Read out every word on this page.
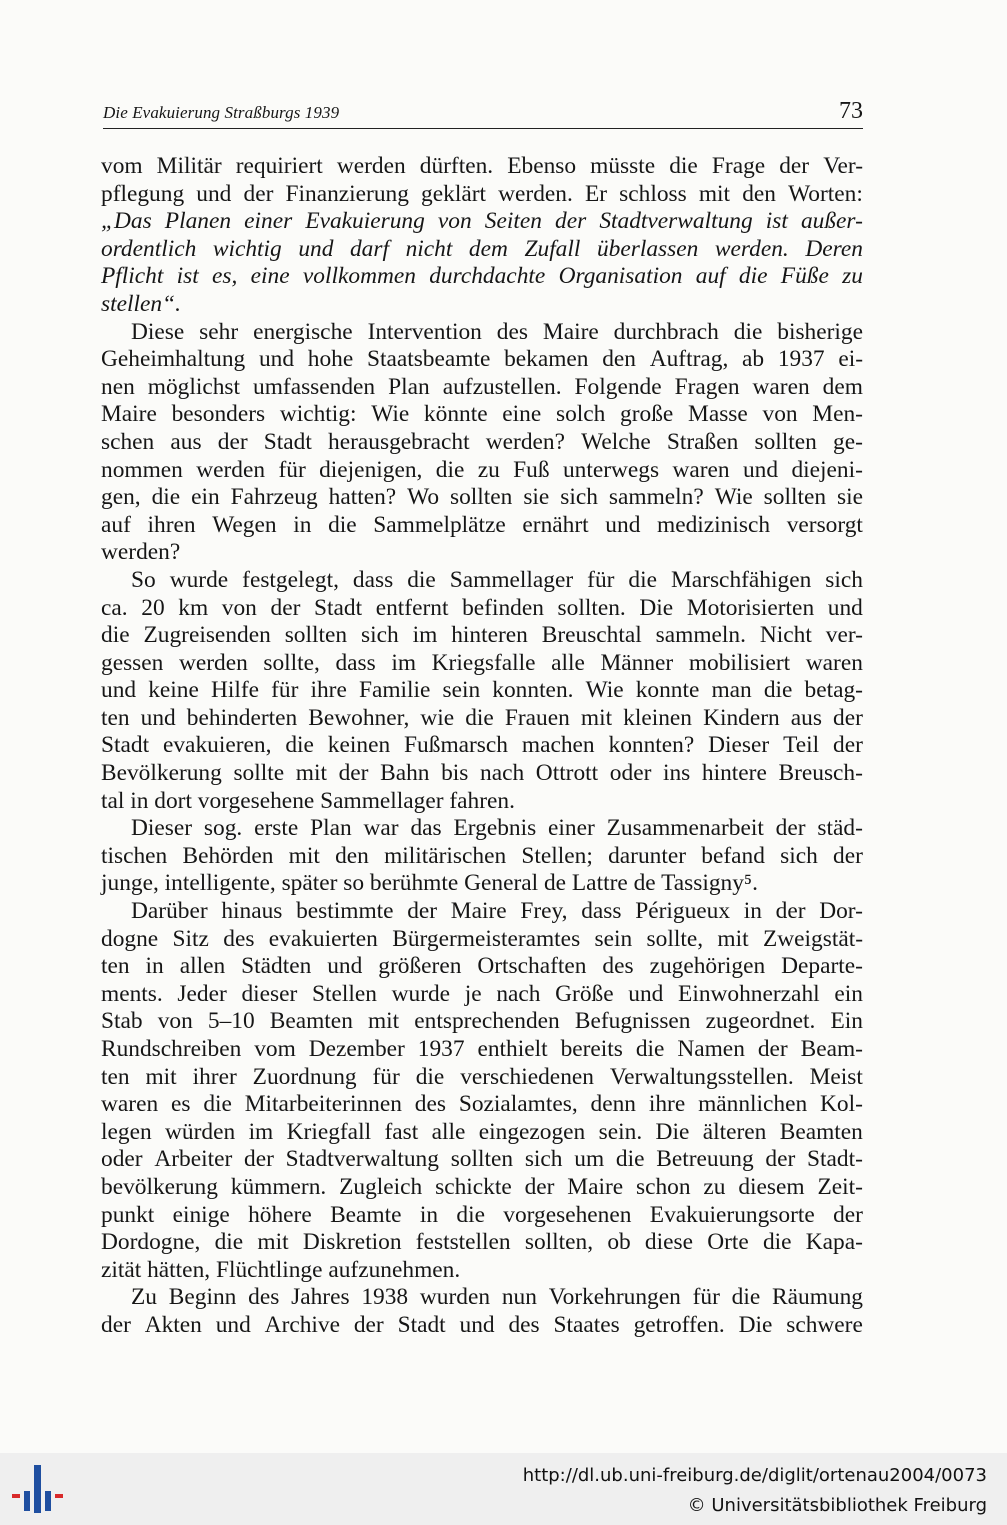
Die Evakuierung Straßburgs 1939	73
vom Militär requiriert werden dürften. Ebenso müsste die Frage der Ver-
pflegung und der Finanzierung geklärt werden. Er schloss mit den Worten:
„Das Planen einer Evakuierung von Seiten der Stadtverwaltung ist außer-
ordentlich wichtig und darf nicht dem Zufall überlassen werden. Deren
Pflicht ist es, eine vollkommen durchdachte Organisation auf die Füße zu
stellen“.
Diese sehr energische Intervention des Maire durchbrach die bisherige
Geheimhaltung und hohe Staatsbeamte bekamen den Auftrag, ab 1937 ei-
nen möglichst umfassenden Plan aufzustellen. Folgende Fragen waren dem
Maire besonders wichtig: Wie könnte eine solch große Masse von Men-
schen aus der Stadt herausgebracht werden? Welche Straßen sollten ge-
nommen werden für diejenigen, die zu Fuß unterwegs waren und diejeni-
gen, die ein Fahrzeug hatten? Wo sollten sie sich sammeln? Wie sollten sie
auf ihren Wegen in die Sammelplätze ernährt und medizinisch versorgt
werden?
So wurde festgelegt, dass die Sammellager für die Marschfähigen sich
ca. 20 km von der Stadt entfernt befinden sollten. Die Motorisierten und
die Zugreisenden sollten sich im hinteren Breuschtal sammeln. Nicht ver-
gessen werden sollte, dass im Kriegsfalle alle Männer mobilisiert waren
und keine Hilfe für ihre Familie sein konnten. Wie konnte man die betag-
ten und behinderten Bewohner, wie die Frauen mit kleinen Kindern aus der
Stadt evakuieren, die keinen Fußmarsch machen konnten? Dieser Teil der
Bevölkerung sollte mit der Bahn bis nach Ottrott oder ins hintere Breusch-
tal in dort vorgesehene Sammellager fahren.
Dieser sog. erste Plan war das Ergebnis einer Zusammenarbeit der städ-
tischen Behörden mit den militärischen Stellen; darunter befand sich der
junge, intelligente, später so berühmte General de Lattre de Tassigny⁵.
Darüber hinaus bestimmte der Maire Frey, dass Périgueux in der Dor-
dogne Sitz des evakuierten Bürgermeisteramtes sein sollte, mit Zweigstät-
ten in allen Städten und größeren Ortschaften des zugehörigen Departe-
ments. Jeder dieser Stellen wurde je nach Größe und Einwohnerzahl ein
Stab von 5–10 Beamten mit entsprechenden Befugnissen zugeordnet. Ein
Rundschreiben vom Dezember 1937 enthielt bereits die Namen der Beam-
ten mit ihrer Zuordnung für die verschiedenen Verwaltungsstellen. Meist
waren es die Mitarbeiterinnen des Sozialamtes, denn ihre männlichen Kol-
legen würden im Kriegfall fast alle eingezogen sein. Die älteren Beamten
oder Arbeiter der Stadtverwaltung sollten sich um die Betreuung der Stadt-
bevölkerung kümmern. Zugleich schickte der Maire schon zu diesem Zeit-
punkt einige höhere Beamte in die vorgesehenen Evakuierungsorte der
Dordogne, die mit Diskretion feststellen sollten, ob diese Orte die Kapa-
zität hätten, Flüchtlinge aufzunehmen.
Zu Beginn des Jahres 1938 wurden nun Vorkehrungen für die Räumung
der Akten und Archive der Stadt und des Staates getroffen. Die schwere
http://dl.ub.uni-freiburg.de/diglit/ortenau2004/0073
© Universitätsbibliothek Freiburg
